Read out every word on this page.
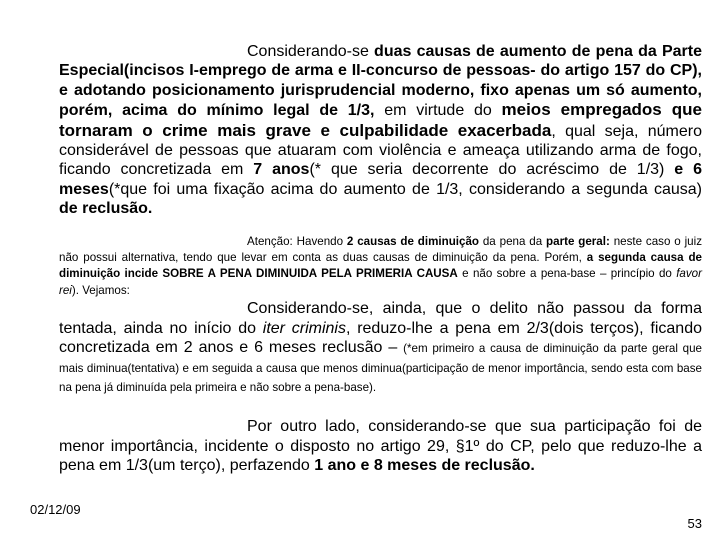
Considerando-se duas causas de aumento de pena da Parte Especial(incisos I-emprego de arma e II-concurso de pessoas- do artigo 157 do CP), e adotando posicionamento jurisprudencial moderno, fixo apenas um só aumento, porém, acima do mínimo legal de 1/3, em virtude do meios empregados que tornaram o crime mais grave e culpabilidade exacerbada, qual seja, número considerável de pessoas que atuaram com violência e ameaça utilizando arma de fogo, ficando concretizada em 7 anos(* que seria decorrente do acréscimo de 1/3) e 6 meses(*que foi uma fixação acima do aumento de 1/3, considerando a segunda causa) de reclusão.

Atenção: Havendo 2 causas de diminuição da pena da parte geral: neste caso o juiz não possui alternativa, tendo que levar em conta as duas causas de diminuição da pena. Porém, a segunda causa de diminuição incide SOBRE A PENA DIMINUIDA PELA PRIMERIA CAUSA e não sobre a pena-base – princípio do favor rei). Vejamos:

Considerando-se, ainda, que o delito não passou da forma tentada, ainda no início do iter criminis, reduzo-lhe a pena em 2/3(dois terços), ficando concretizada em 2 anos e 6 meses reclusão – (*em primeiro a causa de diminuição da parte geral que mais diminua(tentativa) e em seguida a causa que menos diminua(participação de menor importância, sendo esta com base na pena já diminuída pela primeira e não sobre a pena-base).

Por outro lado, considerando-se que sua participação foi de menor importância, incidente o disposto no artigo 29, §1º do CP, pelo que reduzo-lhe a pena em 1/3(um terço), perfazendo 1 ano e 8 meses de reclusão.

02/12/09
53
